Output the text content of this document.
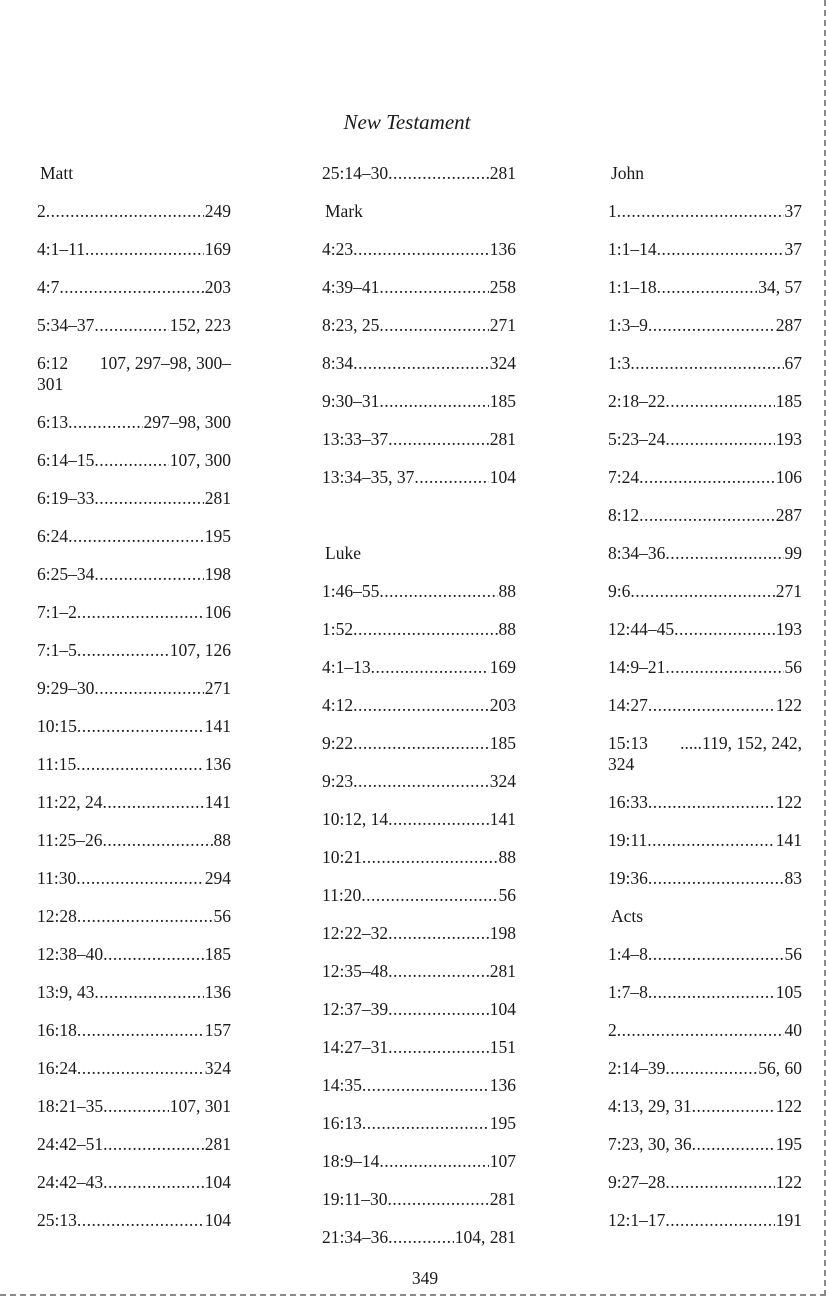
New Testament
Matt
2 .....	249
4:1–11 .....	169
4:7 .....	203
5:34–37 .....	152, 223
6:12 107, 297–98, 300–
301
6:13 .....	297–98, 300
6:14–15 .....	107, 300
6:19–33 .....	281
6:24 .....	195
6:25–34 .....	198
7:1–2 .....	106
7:1–5 .....	107, 126
9:29–30 .....	271
10:15 .....	141
11:15 .....	136
11:22, 24 .....	141
11:25–26 .....	88
11:30 .....	294
12:28 .....	56
12:38–40 .....	185
13:9, 43 .....	136
16:18 .....	157
16:24 .....	324
18:21–35 .....	107, 301
24:42–51 .....	281
24:42–43 .....	104
25:13 .....	104
25:14–30 .....	281
Mark
4:23 .....	136
4:39–41 .....	258
8:23, 25 .....	271
8:34 .....	324
9:30–31 .....	185
13:33–37 .....	281
13:34–35, 37 .....	104
Luke
1:46–55 .....	88
1:52 .....	88
4:1–13 .....	169
4:12 .....	203
9:22 .....	185
9:23 .....	324
10:12, 14 .....	141
10:21 .....	88
11:20 .....	56
12:22–32 .....	198
12:35–48 .....	281
12:37–39 .....	104
14:27–31 .....	151
14:35 .....	136
16:13 .....	195
18:9–14 .....	107
19:11–30 .....	281
21:34–36 .....	104, 281
John
1 .....	37
1:1–14 .....	37
1:1–18 .....	34, 57
1:3–9 .....	287
1:3 .....	67
2:18–22 .....	185
5:23–24 .....	193
7:24 .....	106
8:12 .....	287
8:34–36 .....	99
9:6 .....	271
12:44–45 .....	193
14:9–21 .....	56
14:27 .....	122
15:13 .....119, 152, 242,
324
16:33 .....	122
19:11 .....	141
19:36 .....	83
Acts
1:4–8 .....	56
1:7–8 .....	105
2 .....	40
2:14–39 .....	56, 60
4:13, 29, 31 .....	122
7:23, 30, 36 .....	195
9:27–28 .....	122
12:1–17 .....	191
349
